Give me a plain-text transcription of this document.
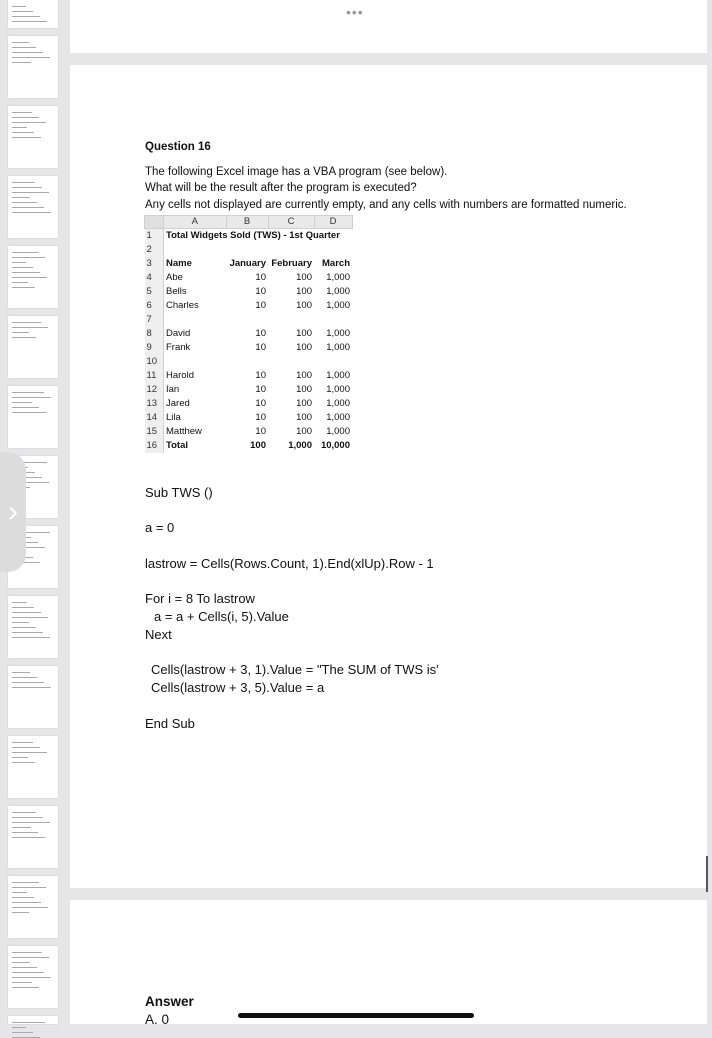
›
•••
Question 16
The following Excel image has a VBA program (see below).
What will be the result after the program is executed?
Any cells not displayed are currently empty, and any cells with numbers are formatted numeric.
	A	B	C	D
1	Total Widgets Sold (TWS) - 1st Quarter			
2				
3	Name	January	February	March
4	Abe	10	100	1,000
5	Bells	10	100	1,000
6	Charles	10	100	1,000
7				
8	David	10	100	1,000
9	Frank	10	100	1,000
10				
11	Harold	10	100	1,000
12	Ian	10	100	1,000
13	Jared	10	100	1,000
14	Lila	10	100	1,000
15	Matthew	10	100	1,000
16	Total	100	1,000	10,000
Sub TWS ()
a = 0
lastrow = Cells(Rows.Count, 1).End(xlUp).Row - 1
For i = 8 To lastrow
a = a + Cells(i, 5).Value
Next
Cells(lastrow + 3, 1).Value = "The SUM of TWS is'
Cells(lastrow + 3, 5).Value = a
End Sub
Answer
A. 0
